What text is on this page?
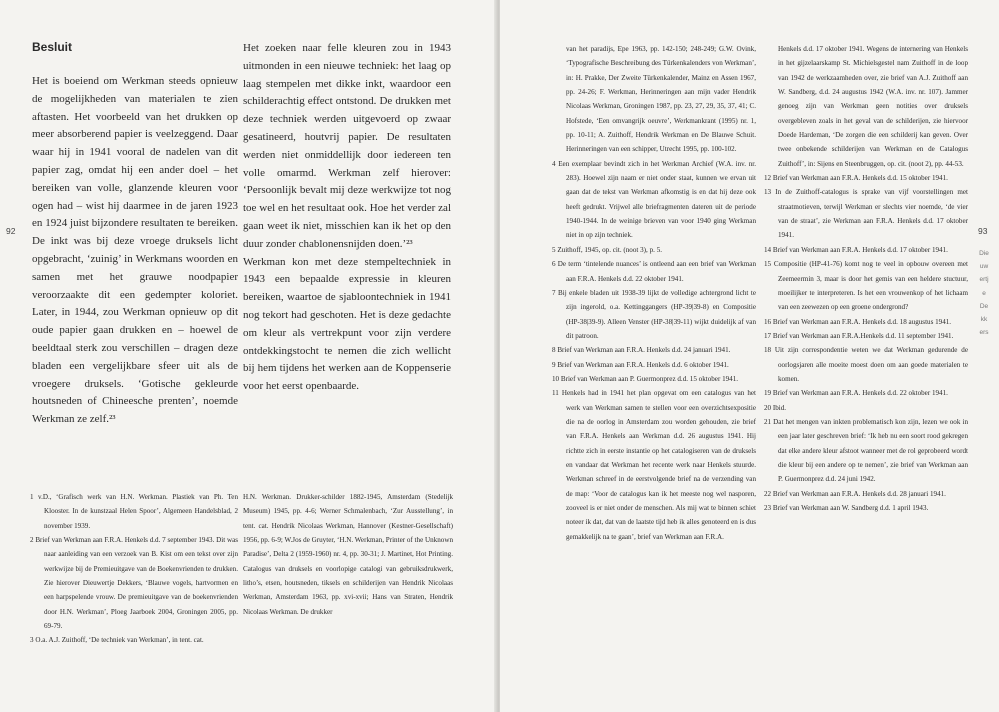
Besluit

Het is boeiend om Werkman steeds opnieuw de mogelijkheden van materialen te zien aftasten. Het voorbeeld van het drukken op meer absorberend papier is veelzeggend. Daar waar hij in 1941 vooral de nadelen van dit papier zag, omdat hij een ander doel – het bereiken van volle, glanzende kleuren voor ogen had – wist hij daarmee in de jaren 1923 en 1924 juist bijzondere resultaten te bereiken. De inkt was bij deze vroege druksels licht opgebracht, ‘zuinig’ in Werkmans woorden en samen met het grauwe noodpapier veroorzaakte dit een gedempter koloriet. Later, in 1944, zou Werkman opnieuw op dit oude papier gaan drukken en – hoewel de beeldtaal sterk zou verschillen – dragen deze bladen een vergelijkbare sfeer uit als de vroegere druksels. ‘Gotische gekleurde houtsneden of Chineesche prenten’, noemde Werkman ze zelf.²³

Het zoeken naar felle kleuren zou in 1943 uitmonden in een nieuwe techniek: het laag op laag stempelen met dikke inkt, waardoor een schilderachtig effect ontstond. De drukken met deze techniek werden uitgevoerd op zwaar gesatineerd, houtvrij papier. De resultaten werden niet onmiddellijk door iedereen ten volle omarmd. Werkman zelf hierover: ‘Persoonlijk bevalt mij deze werkwijze tot nog toe wel en het resultaat ook. Hoe het verder zal gaan weet ik niet, misschien kan ik het op den duur zonder chablonensnijden doen.’²³

Werkman kon met deze stempeltechniek in 1943 een bepaalde expressie in kleuren bereiken, waartoe de sjabloontechniek in 1941 nog tekort had geschoten. Het is deze gedachte om kleur als vertrekpunt voor zijn verdere ontdekkingstocht te nemen die zich wellicht bij hem tijdens het werken aan de Koppenserie voor het eerst openbaarde.

1 v.D., ‘Grafisch werk van H.N. Werkman. Plastiek van Ph. Ten Klooster. In de kunstzaal Helen Spoor’, Algemeen Handelsblad, 2 november 1939.

2 Brief van Werkman aan F.R.A. Henkels d.d. 7 september 1943. Dit was naar aanleiding van een verzoek van B. Kist om een tekst over zijn werkwijze bij de Premieuitgave van de Boekenvrienden te drukken. Zie hierover Dieuwertje Dekkers, ‘Blauwe vogels, hartvormen en een harpspelende vrouw. De premieuitgave van de boekenvrienden door H.N. Werkman’, Ploeg Jaarboek 2004, Groningen 2005, pp. 69-79.

3 O.a. A.J. Zuithoff, ‘De techniek van Werkman’, in tent. cat.

H.N. Werkman. Drukker-schilder 1882-1945, Amsterdam (Stedelijk Museum) 1945, pp. 4-6; Werner Schmalenbach, ‘Zur Ausstellung’, in tent. cat. Hendrik Nicolaas Werkman, Hannover (Kestner-Gesellschaft) 1956, pp. 6-9; W.Jos de Gruyter, ‘H.N. Werkman, Printer of the Unknown Paradise’, Delta 2 (1959-1960) nr. 4, pp. 30-31; J. Martinet, Hot Printing. Catalogus van druksels en voorlopige catalogi van gebruiksdrukwerk, litho’s, etsen, houtsneden, tiksels en schilderijen van Hendrik Nicolaas Werkman, Amsterdam 1963, pp. xvi-xvii; Hans van Straten, Hendrik Nicolaas Werkman. De drukker

92

van het paradijs, Epe 1963, pp. 142-150; 248-249; G.W. Ovink, ‘Typografische Beschreibung des Türkenkalenders von Werkman’, in: H. Prakke, Der Zweite Türkenkalender, Mainz en Assen 1967, pp. 24-26; F. Werkman, Herinneringen aan mijn vader Hendrik Nicolaas Werkman, Groningen 1987, pp. 23, 27, 29, 35, 37, 41; C. Hofstede, ‘Een omvangrijk oeuvre’, Werkmankrant (1995) nr. 1, pp. 10-11; A. Zuithoff, Hendrik Werkman en De Blauwe Schuit. Herinneringen van een schipper, Utrecht 1995, pp. 100-102.

4 Een exemplaar bevindt zich in het Werkman Archief (W.A. inv. nr. 283). Hoewel zijn naam er niet onder staat, kunnen we ervan uit gaan dat de tekst van Werkman afkomstig is en dat hij deze ook heeft gedrukt. Vrijwel alle briefragmenten dateren uit de periode 1940-1944. In de weinige brieven van voor 1940 ging Werkman niet in op zijn techniek.

5 Zuithoff, 1945, op. cit. (noot 3), p. 5.

6 De term ‘tintelende nuances’ is ontleend aan een brief van Werkman aan F.R.A. Henkels d.d. 22 oktober 1941.

7 Bij enkele bladen uit 1938-39 lijkt de volledige achtergrond licht te zijn ingerold, o.a. Kettinggangers (HP-39|39-8) en Compositie (HP-38|39-9). Alleen Venster (HP-38|39-11) wijkt duidelijk af van dit patroon.

8 Brief van Werkman aan F.R.A. Henkels d.d. 24 januari 1941.

9 Brief van Werkman aan F.R.A. Henkels d.d. 6 oktober 1941.

10 Brief van Werkman aan P. Guermonprez d.d. 15 oktober 1941.

11 Henkels had in 1941 het plan opgevat om een catalogus van het werk van Werkman samen te stellen voor een overzichtsexpositie die na de oorlog in Amsterdam zou worden gehouden, zie brief van F.R.A. Henkels aan Werkman d.d. 26 augustus 1941. Hij richtte zich in eerste instantie op het catalogiseren van de druksels en vandaar dat Werkman het recente werk naar Henkels stuurde. Werkman schreef in de eerstvolgende brief na de verzending van de map: ‘Voor de catalogus kan ik het meeste nog wel nasporen, zooveel is er niet onder de menschen. Als mij wat te binnen schiet noteer ik dat, dat van de laatste tijd heb ik alles genoteerd en is dus gemakkelijk na te gaan’, brief van Werkman aan F.R.A.

Henkels d.d. 17 oktober 1941. Wegens de internering van Henkels in het gijzelaarskamp St. Michielsgestel nam Zuithoff in de loop van 1942 de werkzaamheden over, zie brief van A.J. Zuithoff aan W. Sandberg, d.d. 24 augustus 1942 (W.A. inv. nr. 107). Jammer genoeg zijn van Werkman geen notities over druksels overgebleven zoals in het geval van de schilderijen, zie hiervoor Doede Hardeman, ‘De zorgen die een schilderij kan geven. Over twee onbekende schilderijen van Werkman en de Catalogus Zuithoff’, in: Sijens en Steenbruggen, op. cit. (noot 2), pp. 44-53.

12 Brief van Werkman aan F.R.A. Henkels d.d. 15 oktober 1941.

13 In de Zuithoff-catalogus is sprake van vijf voorstellingen met straatmotieven, terwijl Werkman er slechts vier noemde, ‘de vier van de straat’, zie Werkman aan F.R.A. Henkels d.d. 17 oktober 1941.

14 Brief van Werkman aan F.R.A. Henkels d.d. 17 oktober 1941.

15 Compositie (HP-41-76) komt nog te veel in opbouw overeen met Zeemeermin 3, maar is door het gemis van een heldere stuctuur, moeilijker te interpreteren. Is het een vrouwenkop of het lichaam van een zeewezen op een groene ondergrond?

16 Brief van Werkman aan F.R.A. Henkels d.d. 18 augustus 1941.

17 Brief van Werkman aan F.R.A.Henkels d.d. 11 september 1941.

18 Uit zijn correspondentie weten we dat Werkman gedurende de oorlogsjaren alle moeite moest doen om aan goede materialen te komen.

19 Brief van Werkman aan F.R.A. Henkels d.d. 22 oktober 1941.

20 Ibid.

21 Dat het mengen van inkten problematisch kon zijn, lezen we ook in een jaar later geschreven brief: ‘Ik heb nu een soort rood gekregen dat elke andere kleur afstoot wanneer met de rol geprobeerd wordt die kleur bij een andere op te nemen’, zie brief van Werkman aan P. Guermonprez d.d. 24 juni 1942.

22 Brief van Werkman aan F.R.A. Henkels d.d. 28 januari 1941.

23 Brief van Werkman aan W. Sandberg d.d. 1 april 1943.

93
Dieuwertje Dekkers
